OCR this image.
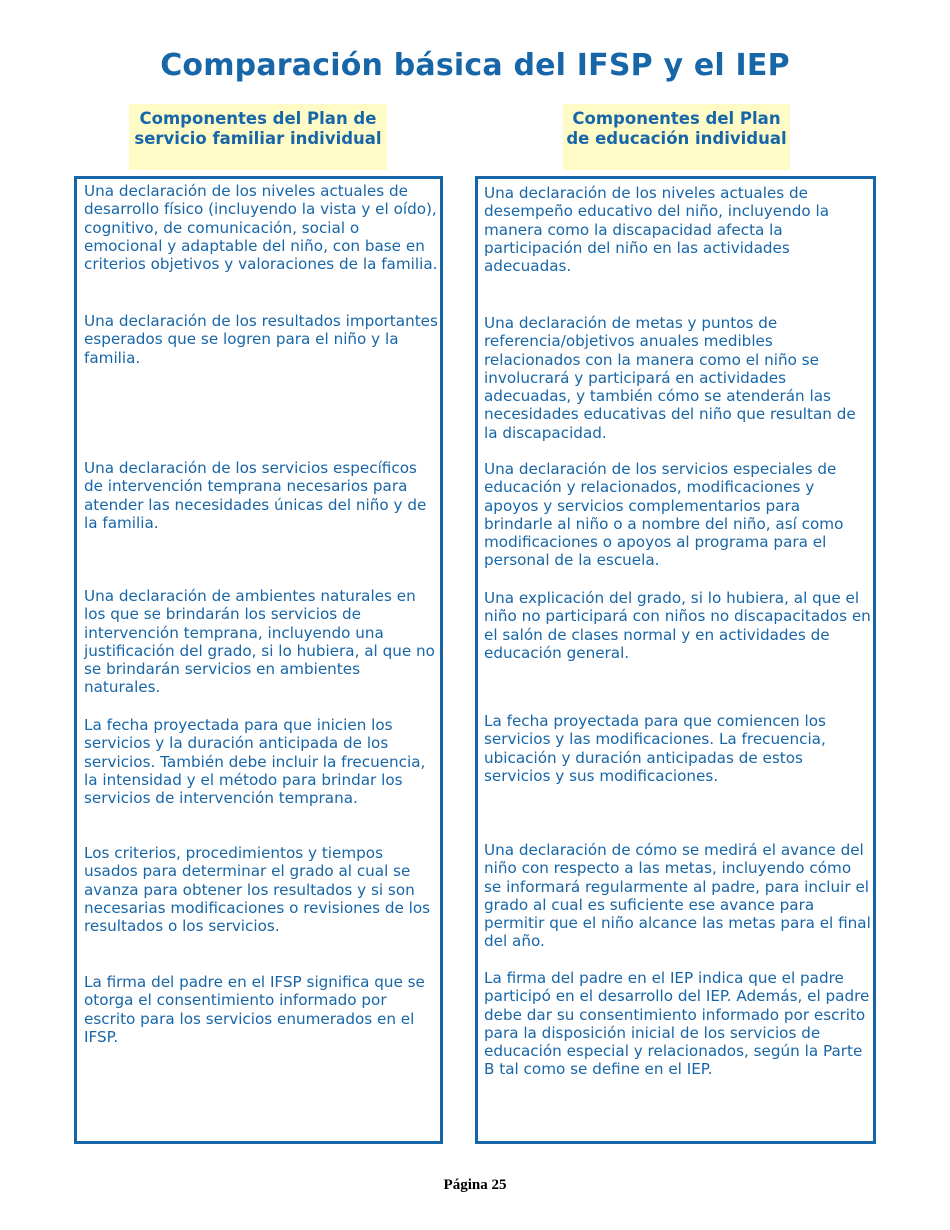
Comparación básica del IFSP y el IEP
Componentes del Plan de
servicio familiar individual
Componentes del Plan
de educación individual

Una declaración de los niveles actuales de desarrollo físico (incluyendo la vista y el oído), cognitivo, de comunicación, social o emocional y adaptable del niño, con base en criterios objetivos y valoraciones de la familia.

Una declaración de los resultados importantes esperados que se logren para el niño y la familia.

Una declaración de los servicios específicos de intervención temprana necesarios para atender las necesidades únicas del niño y de la familia.

Una declaración de ambientes naturales en los que se brindarán los servicios de intervención temprana, incluyendo una justificación del grado, si lo hubiera, al que no se brindarán servicios en ambientes naturales.

La fecha proyectada para que inicien los servicios y la duración anticipada de los servicios. También debe incluir la frecuencia, la intensidad y el método para brindar los servicios de intervención temprana.

Los criterios, procedimientos y tiempos usados para determinar el grado al cual se avanza para obtener los resultados y si son necesarias modificaciones o revisiones de los resultados o los servicios.

La firma del padre en el IFSP significa que se otorga el consentimiento informado por escrito para los servicios enumerados en el IFSP.

Una declaración de los niveles actuales de desempeño educativo del niño, incluyendo la manera como la discapacidad afecta la participación del niño en las actividades adecuadas.

Una declaración de metas y puntos de referencia/objetivos anuales medibles relacionados con la manera como el niño se involucrará y participará en actividades adecuadas, y también cómo se atenderán las necesidades educativas del niño que resultan de la discapacidad.

Una declaración de los servicios especiales de educación y relacionados, modificaciones y apoyos y servicios complementarios para brindarle al niño o a nombre del niño, así como modificaciones o apoyos al programa para el personal de la escuela.

Una explicación del grado, si lo hubiera, al que el niño no participará con niños no discapacitados en el salón de clases normal y en actividades de educación general.

La fecha proyectada para que comiencen los servicios y las modificaciones. La frecuencia, ubicación y duración anticipadas de estos servicios y sus modificaciones.

Una declaración de cómo se medirá el avance del niño con respecto a las metas, incluyendo cómo se informará regularmente al padre, para incluir el grado al cual es suficiente ese avance para permitir que el niño alcance las metas para el final del año.

La firma del padre en el IEP indica que el padre participó en el desarrollo del IEP. Además, el padre debe dar su consentimiento informado por escrito para la disposición inicial de los servicios de educación especial y relacionados, según la Parte B tal como se define en el IEP.

Página 25
